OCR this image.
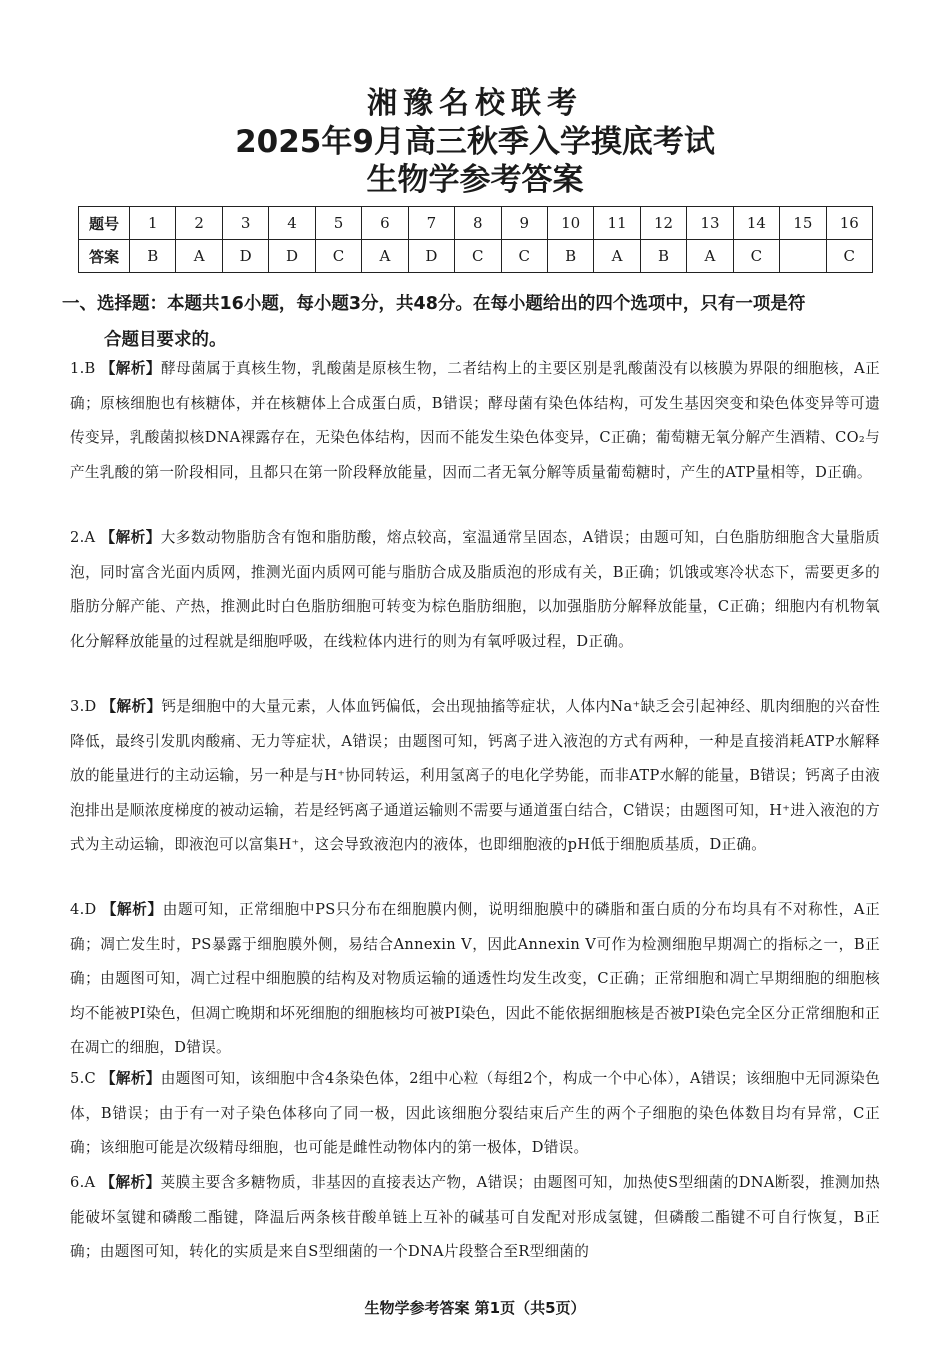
湘豫名校联考
2025年9月高三秋季入学摸底考试
生物学参考答案
题号	1	2	3	4	5	6	7	8	9	10	11	12	13	14	15	16
答案	B	A	D	D	C	A	D	C	C	B	A	B	A	C		C
一、选择题：本题共16小题，每小题3分，共48分。在每小题给出的四个选项中，只有一项是符
合题目要求的。
1.B 【解析】酵母菌属于真核生物，乳酸菌是原核生物，二者结构上的主要区别是乳酸菌没有以核膜为界限的细胞核，A正确；原核细胞也有核糖体，并在核糖体上合成蛋白质，B错误；酵母菌有染色体结构，可发生基因突变和染色体变异等可遗传变异，乳酸菌拟核DNA裸露存在，无染色体结构，因而不能发生染色体变异，C正确；葡萄糖无氧分解产生酒精、CO₂与产生乳酸的第一阶段相同，且都只在第一阶段释放能量，因而二者无氧分解等质量葡萄糖时，产生的ATP量相等，D正确。
2.A 【解析】大多数动物脂肪含有饱和脂肪酸，熔点较高，室温通常呈固态，A错误；由题可知，白色脂肪细胞含大量脂质泡，同时富含光面内质网，推测光面内质网可能与脂肪合成及脂质泡的形成有关，B正确；饥饿或寒冷状态下，需要更多的脂肪分解产能、产热，推测此时白色脂肪细胞可转变为棕色脂肪细胞，以加强脂肪分解释放能量，C正确；细胞内有机物氧化分解释放能量的过程就是细胞呼吸，在线粒体内进行的则为有氧呼吸过程，D正确。
3.D 【解析】钙是细胞中的大量元素，人体血钙偏低，会出现抽搐等症状，人体内Na⁺缺乏会引起神经、肌肉细胞的兴奋性降低，最终引发肌肉酸痛、无力等症状，A错误；由题图可知，钙离子进入液泡的方式有两种，一种是直接消耗ATP水解释放的能量进行的主动运输，另一种是与H⁺协同转运，利用氢离子的电化学势能，而非ATP水解的能量，B错误；钙离子由液泡排出是顺浓度梯度的被动运输，若是经钙离子通道运输则不需要与通道蛋白结合，C错误；由题图可知，H⁺进入液泡的方式为主动运输，即液泡可以富集H⁺，这会导致液泡内的液体，也即细胞液的pH低于细胞质基质，D正确。
4.D 【解析】由题可知，正常细胞中PS只分布在细胞膜内侧，说明细胞膜中的磷脂和蛋白质的分布均具有不对称性，A正确；凋亡发生时，PS暴露于细胞膜外侧，易结合Annexin V，因此Annexin V可作为检测细胞早期凋亡的指标之一，B正确；由题图可知，凋亡过程中细胞膜的结构及对物质运输的通透性均发生改变，C正确；正常细胞和凋亡早期细胞的细胞核均不能被PI染色，但凋亡晚期和坏死细胞的细胞核均可被PI染色，因此不能依据细胞核是否被PI染色完全区分正常细胞和正在凋亡的细胞，D错误。
5.C 【解析】由题图可知，该细胞中含4条染色体，2组中心粒（每组2个，构成一个中心体），A错误；该细胞中无同源染色体，B错误；由于有一对子染色体移向了同一极，因此该细胞分裂结束后产生的两个子细胞的染色体数目均有异常，C正确；该细胞可能是次级精母细胞，也可能是雌性动物体内的第一极体，D错误。
6.A 【解析】荚膜主要含多糖物质，非基因的直接表达产物，A错误；由题图可知，加热使S型细菌的DNA断裂，推测加热能破坏氢键和磷酸二酯键，降温后两条核苷酸单链上互补的碱基可自发配对形成氢键，但磷酸二酯键不可自行恢复，B正确；由题图可知，转化的实质是来自S型细菌的一个DNA片段整合至R型细菌的
生物学参考答案 第1页（共5页）
